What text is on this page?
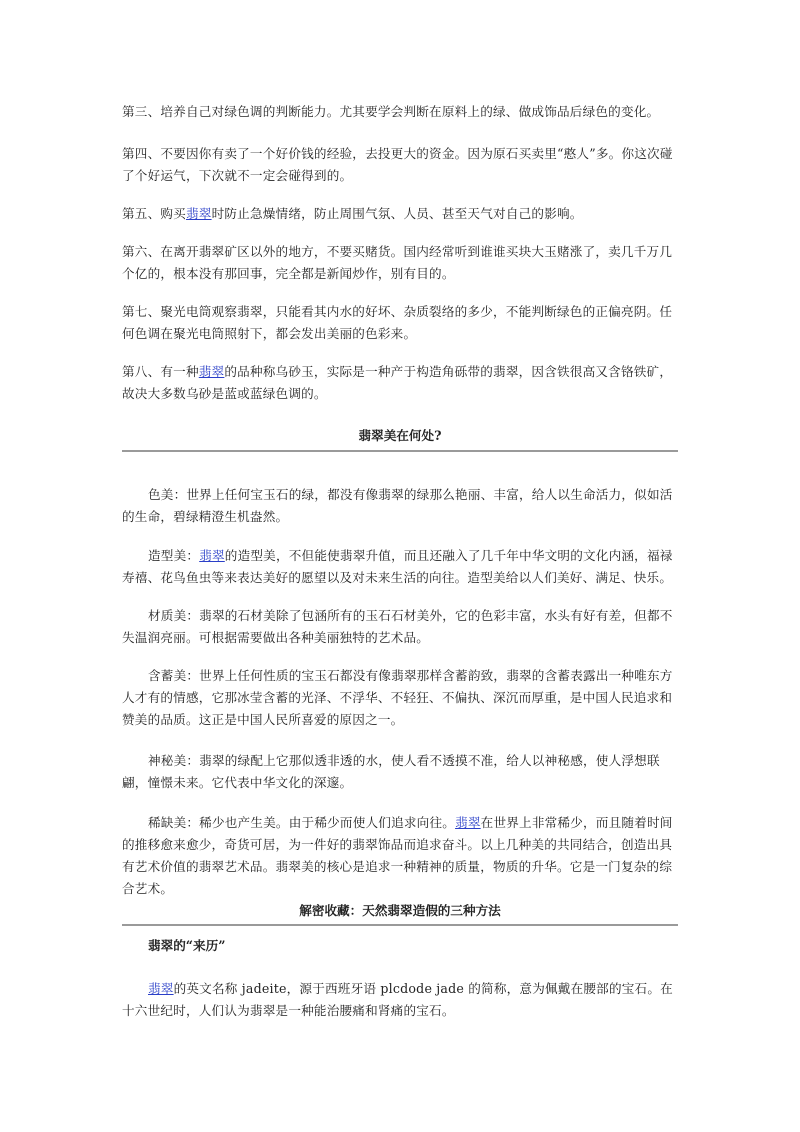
第三、培养自己对绿色调的判断能力。尤其要学会判断在原料上的绿、做成饰品后绿色的变化。

第四、不要因你有卖了一个好价钱的经验，去投更大的资金。因为原石买卖里“憨人”多。你这次碰了个好运气，下次就不一定会碰得到的。

第五、购买翡翠时防止急燥情绪，防止周围气氛、人员、甚至天气对自己的影响。

第六、在离开翡翠矿区以外的地方，不要买赌货。国内经常听到谁谁买块大玉赌涨了，卖几千万几个亿的，根本没有那回事，完全都是新闻炒作，别有目的。

第七、聚光电筒观察翡翠，只能看其内水的好坏、杂质裂络的多少，不能判断绿色的正偏亮阴。任何色调在聚光电筒照射下，都会发出美丽的色彩来。

第八、有一种翡翠的品种称乌砂玉，实际是一种产于构造角砾带的翡翠，因含铁很高又含铬铁矿，故决大多数乌砂是蓝或蓝绿色调的。

翡翠美在何处?

色美：世界上任何宝玉石的绿，都没有像翡翠的绿那么艳丽、丰富，给人以生命活力，似如活的生命，碧绿精澄生机盎然。

造型美：翡翠的造型美，不但能使翡翠升值，而且还融入了几千年中华文明的文化内涵，福禄寿禧、花鸟鱼虫等来表达美好的愿望以及对未来生活的向往。造型美给以人们美好、满足、快乐。

材质美：翡翠的石材美除了包涵所有的玉石石材美外，它的色彩丰富，水头有好有差，但都不失温润亮丽。可根据需要做出各种美丽独特的艺术品。

含蓄美：世界上任何性质的宝玉石都没有像翡翠那样含蓄韵致，翡翠的含蓄表露出一种唯东方人才有的情感，它那冰莹含蓄的光泽、不浮华、不轻狂、不偏执、深沉而厚重，是中国人民追求和赞美的品质。这正是中国人民所喜爱的原因之一。

神秘美：翡翠的绿配上它那似透非透的水，使人看不透摸不准，给人以神秘感，使人浮想联翩，憧憬未来。它代表中华文化的深邃。

稀缺美：稀少也产生美。由于稀少而使人们追求向往。翡翠在世界上非常稀少，而且随着时间的推移愈来愈少，奇货可居，为一件好的翡翠饰品而追求奋斗。以上几种美的共同结合，创造出具有艺术价值的翡翠艺术品。翡翠美的核心是追求一种精神的质量，物质的升华。它是一门复杂的综合艺术。

解密收藏：天然翡翠造假的三种方法
翡翠的“来历”

翡翠的英文名称 jadeite，源于西班牙语 plcdode jade 的简称，意为佩戴在腰部的宝石。在十六世纪时，人们认为翡翠是一种能治腰痛和肾痛的宝石。
